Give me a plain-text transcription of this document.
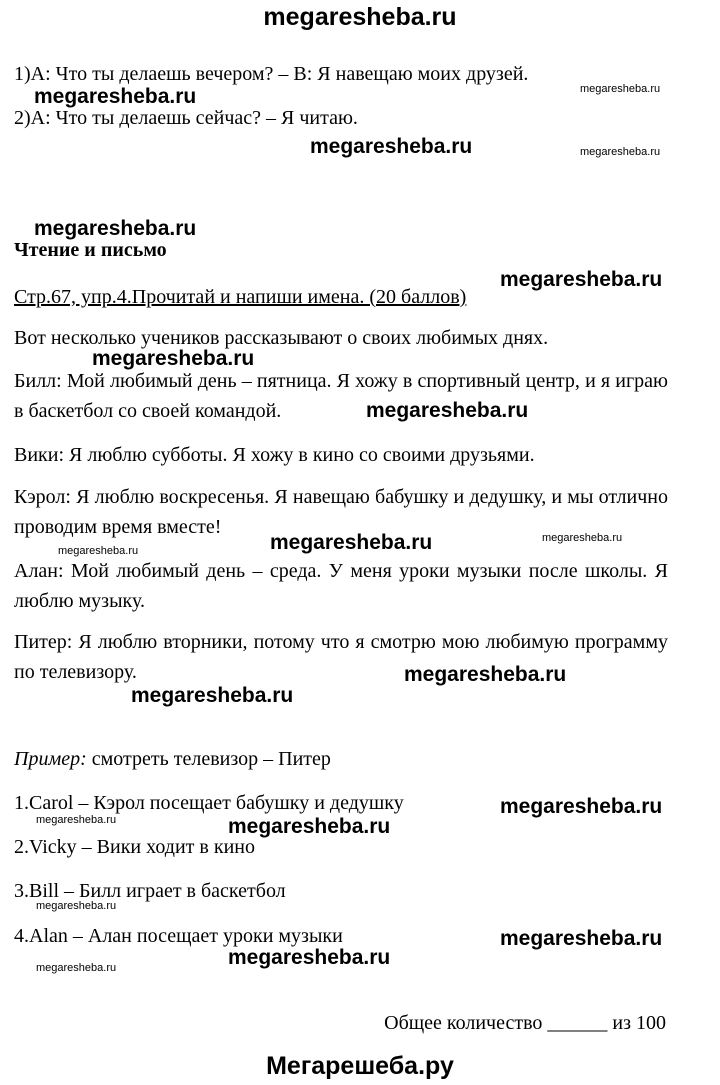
megaresheba.ru
1)A: Что ты делаешь вечером? – B: Я навещаю моих друзей.
megaresheba.ru	megaresheba.ru
2)A: Что ты делаешь сейчас? – Я читаю.
megaresheba.ru	megaresheba.ru
megaresheba.ru
Чтение и письмо
megaresheba.ru
Стр.67, упр.4.Прочитай и напиши имена. (20 баллов)
Вот несколько учеников рассказывают о своих любимых днях.
megaresheba.ru
Билл: Мой любимый день – пятница. Я хожу в спортивный центр, и я играю в баскетбол со своей командой.	megaresheba.ru
Вики: Я люблю субботы. Я хожу в кино со своими друзьями.
Кэрол: Я люблю воскресенья. Я навещаю бабушку и дедушку, и мы отлично проводим время вместе!
megaresheba.ru	megaresheba.ru	megaresheba.ru
Алан: Мой любимый день – среда. У меня уроки музыки после школы. Я люблю музыку.
Питер: Я люблю вторники, потому что я смотрю мою любимую программу по телевизору.	megaresheba.ru
megaresheba.ru
Пример: смотреть телевизор – Питер
1.Carol – Кэрол посещает бабушку и дедушку	megaresheba.ru
megaresheba.ru	megaresheba.ru
2.Vicky – Вики ходит в кино
3.Bill – Билл играет в баскетбол
megaresheba.ru
4.Alan – Алан посещает уроки музыки	megaresheba.ru
megaresheba.ru
megaresheba.ru
Общее количество ______ из 100
Мегарешеба.ру
